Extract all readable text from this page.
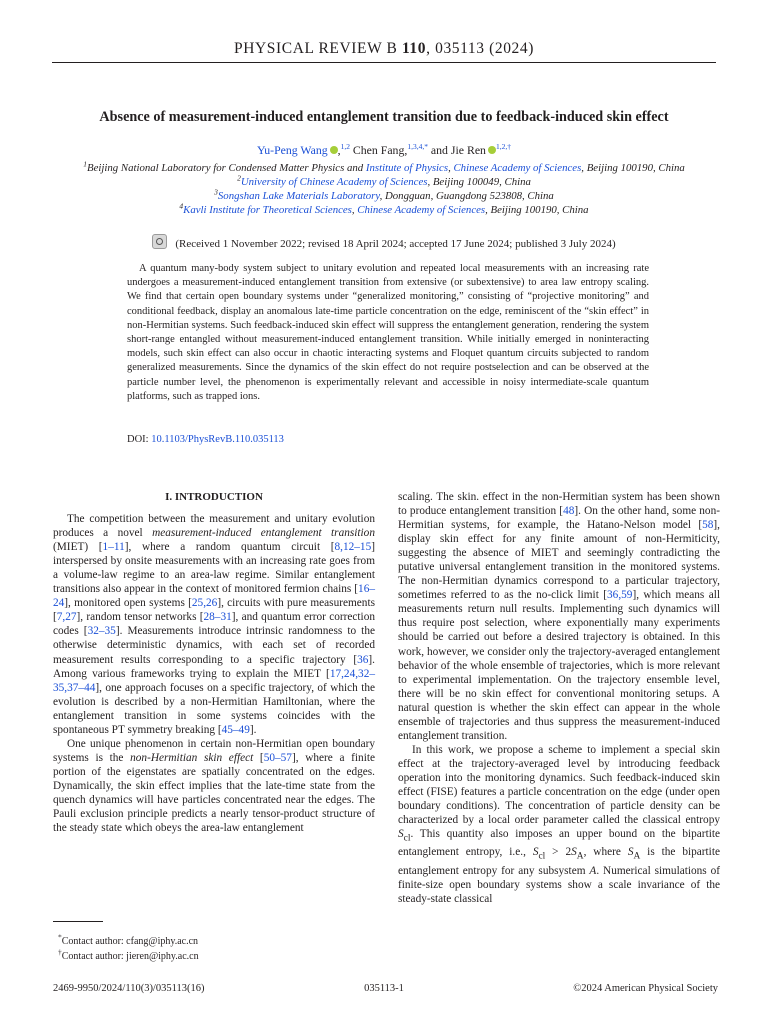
PHYSICAL REVIEW B 110, 035113 (2024)
Absence of measurement-induced entanglement transition due to feedback-induced skin effect
Yu-Peng Wang ,$^{1,2}$ Chen Fang,$^{1,3,4,*}$ and Jie Ren $^{1,2,\dagger}$
$^1$Beijing National Laboratory for Condensed Matter Physics and Institute of Physics, Chinese Academy of Sciences, Beijing 100190, China
$^2$University of Chinese Academy of Sciences, Beijing 100049, China
$^3$Songshan Lake Materials Laboratory, Dongguan, Guangdong 523808, China
$^4$Kavli Institute for Theoretical Sciences, Chinese Academy of Sciences, Beijing 100190, China
(Received 1 November 2022; revised 18 April 2024; accepted 17 June 2024; published 3 July 2024)
A quantum many-body system subject to unitary evolution and repeated local measurements with an increasing rate undergoes a measurement-induced entanglement transition from extensive (or subextensive) to area law entropy scaling. We find that certain open boundary systems under “generalized monitoring,” consisting of “projective monitoring” and conditional feedback, display an anomalous late-time particle concentration on the edge, reminiscent of the “skin effect” in non-Hermitian systems. Such feedback-induced skin effect will suppress the entanglement generation, rendering the system short-range entangled without measurement-induced entanglement transition. While initially emerged in noninteracting models, such skin effect can also occur in chaotic interacting systems and Floquet quantum circuits subjected to random generalized measurements. Since the dynamics of the skin effect do not require postselection and can be observed at the particle number level, the phenomenon is experimentally relevant and accessible in noisy intermediate-scale quantum platforms, such as trapped ions.
DOI: 10.1103/PhysRevB.110.035113
I. INTRODUCTION

The competition between the measurement and unitary evolution produces a novel measurement-induced entanglement transition (MIET) [1–11], where a random quantum circuit [8,12–15] interspersed by onsite measurements with an increasing rate goes from a volume-law regime to an area-law regime. Similar entanglement transitions also appear in the context of monitored fermion chains [16–24], monitored open systems [25,26], circuits with pure measurements [7,27], random tensor networks [28–31], and quantum error correction codes [32–35]. Measurements introduce intrinsic randomness to the otherwise deterministic dynamics, with each set of recorded measurement results corresponding to a specific trajectory [36]. Among various frameworks trying to explain the MIET [17,24,32–35,37–44], one approach focuses on a specific trajectory, of which the evolution is described by a non-Hermitian Hamiltonian, where the entanglement transition in some systems coincides with the spontaneous PT symmetry breaking [45–49].

One unique phenomenon in certain non-Hermitian open boundary systems is the non-Hermitian skin effect [50–57], where a finite portion of the eigenstates are spatially concentrated on the edges. Dynamically, the skin effect implies that the late-time state from the quench dynamics will have particles concentrated near the edges. The Pauli exclusion principle predicts a nearly tensor-product structure of the steady state which obeys the area-law entanglement

scaling. The skin. effect in the non-Hermitian system has been shown to produce entanglement transition [48]. On the other hand, some non-Hermitian systems, for example, the Hatano-Nelson model [58], display skin effect for any finite amount of non-Hermiticity, suggesting the absence of MIET and seemingly contradicting the putative universal entanglement transition in the monitored systems. The non-Hermitian dynamics correspond to a particular trajectory, sometimes referred to as the no-click limit [36,59], which means all measurements return null results. Implementing such dynamics will thus require post selection, where exponentially many experiments should be carried out before a desired trajectory is obtained. In this work, however, we consider only the trajectory-averaged entanglement behavior of the whole ensemble of trajectories, which is more relevant to experimental implementation. On the trajectory ensemble level, there will be no skin effect for conventional monitoring setups. A natural question is whether the skin effect can appear in the whole ensemble of trajectories and thus suppress the measurement-induced entanglement transition.

In this work, we propose a scheme to implement a special skin effect at the trajectory-averaged level by introducing feedback operation into the monitoring dynamics. Such feedback-induced skin effect (FISE) features a particle concentration on the edge (under open boundary conditions). The concentration of particle density can be characterized by a local order parameter called the classical entropy $S_{cl}$. This quantity also imposes an upper bound on the bipartite entanglement entropy, i.e., $S_{cl} > 2S_A$, where $S_A$ is the bipartite entanglement entropy for any subsystem A. Numerical simulations of finite-size open boundary systems show a scale invariance of the steady-state classical

*Contact author: cfang@iphy.ac.cn
†Contact author: jieren@iphy.ac.cn
2469-9950/2024/110(3)/035113(16)	035113-1	©2024 American Physical Society
